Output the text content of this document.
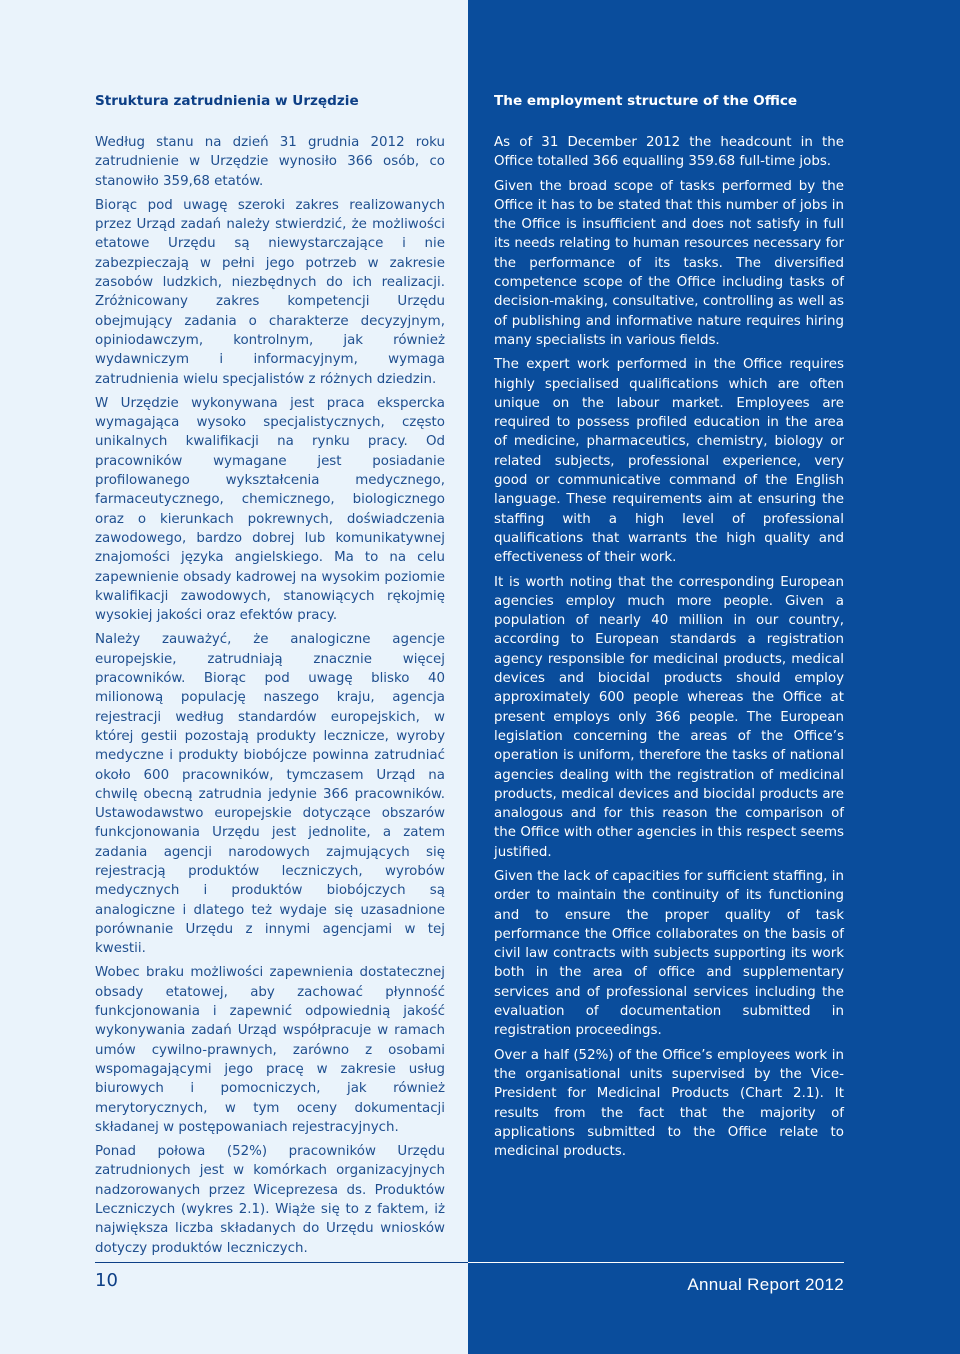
Struktura zatrudnienia w Urzędzie

Według stanu na dzień 31 grudnia 2012 roku zatrudnienie w Urzędzie wynosiło 366 osób, co stanowiło 359,68 etatów.

Biorąc pod uwagę szeroki zakres realizowanych przez Urząd zadań należy stwierdzić, że możliwości etatowe Urzędu są niewystarczające i nie zabezpieczają w pełni jego potrzeb w zakresie zasobów ludzkich, niezbędnych do ich realizacji. Zróżnicowany zakres kompetencji Urzędu obejmujący zadania o charakterze decyzyjnym, opiniodawczym, kontrolnym, jak również wydawniczym i informacyjnym, wymaga zatrudnienia wielu specjalistów z różnych dziedzin.

W Urzędzie wykonywana jest praca ekspercka wymagająca wysoko specjalistycznych, często unikalnych kwalifikacji na rynku pracy. Od pracowników wymagane jest posiadanie profilowanego wykształcenia medycznego, farmaceutycznego, chemicznego, biologicznego oraz o kierunkach pokrewnych, doświadczenia zawodowego, bardzo dobrej lub komunikatywnej znajomości języka angielskiego. Ma to na celu zapewnienie obsady kadrowej na wysokim poziomie kwalifikacji zawodowych, stanowiących rękojmię wysokiej jakości oraz efektów pracy.

Należy zauważyć, że analogiczne agencje europejskie, zatrudniają znacznie więcej pracowników. Biorąc pod uwagę blisko 40 milionową populację naszego kraju, agencja rejestracji według standardów europejskich, w której gestii pozostają produkty lecznicze, wyroby medyczne i produkty biobójcze powinna zatrudniać około 600 pracowników, tymczasem Urząd na chwilę obecną zatrudnia jedynie 366 pracowników. Ustawodawstwo europejskie dotyczące obszarów funkcjonowania Urzędu jest jednolite, a zatem zadania agencji narodowych zajmujących się rejestracją produktów leczniczych, wyrobów medycznych i produktów biobójczych są analogiczne i dlatego też wydaje się uzasadnione porównanie Urzędu z innymi agencjami w tej kwestii.

Wobec braku możliwości zapewnienia dostatecznej obsady etatowej, aby zachować płynność funkcjonowania i zapewnić odpowiednią jakość wykonywania zadań Urząd współpracuje w ramach umów cywilno-prawnych, zarówno z osobami wspomagającymi jego pracę w zakresie usług biurowych i pomocniczych, jak również merytorycznych, w tym oceny dokumentacji składanej w postępowaniach rejestracyjnych.

Ponad połowa (52%) pracowników Urzędu zatrudnionych jest w komórkach organizacyjnych nadzorowanych przez Wiceprezesa ds. Produktów Leczniczych (wykres 2.1). Wiąże się to z faktem, iż największa liczba składanych do Urzędu wniosków dotyczy produktów leczniczych.

The employment structure of the Office

As of 31 December 2012 the headcount in the Office totalled 366 equalling 359.68 full-time jobs.

Given the broad scope of tasks performed by the Office it has to be stated that this number of jobs in the Office is insufficient and does not satisfy in full its needs relating to human resources necessary for the performance of its tasks. The diversified competence scope of the Office including tasks of decision-making, consultative, controlling as well as of publishing and informative nature requires hiring many specialists in various fields.

The expert work performed in the Office requires highly specialised qualifications which are often unique on the labour market. Employees are required to possess profiled education in the area of medicine, pharmaceutics, chemistry, biology or related subjects, professional experience, very good or communicative command of the English language. These requirements aim at ensuring the staffing with a high level of professional qualifications that warrants the high quality and effectiveness of their work.

It is worth noting that the corresponding European agencies employ much more people. Given a population of nearly 40 million in our country, according to European standards a registration agency responsible for medicinal products, medical devices and biocidal products should employ approximately 600 people whereas the Office at present employs only 366 people. The European legislation concerning the areas of the Office’s operation is uniform, therefore the tasks of national agencies dealing with the registration of medicinal products, medical devices and biocidal products are analogous and for this reason the comparison of the Office with other agencies in this respect seems justified.

Given the lack of capacities for sufficient staffing, in order to maintain the continuity of its functioning and to ensure the proper quality of task performance the Office collaborates on the basis of civil law contracts with subjects supporting its work both in the area of office and supplementary services and of professional services including the evaluation of documentation submitted in registration proceedings.

Over a half (52%) of the Office’s employees work in the organisational units supervised by the Vice-President for Medicinal Products (Chart 2.1). It results from the fact that the majority of applications submitted to the Office relate to medicinal products.

10	Annual Report 2012
